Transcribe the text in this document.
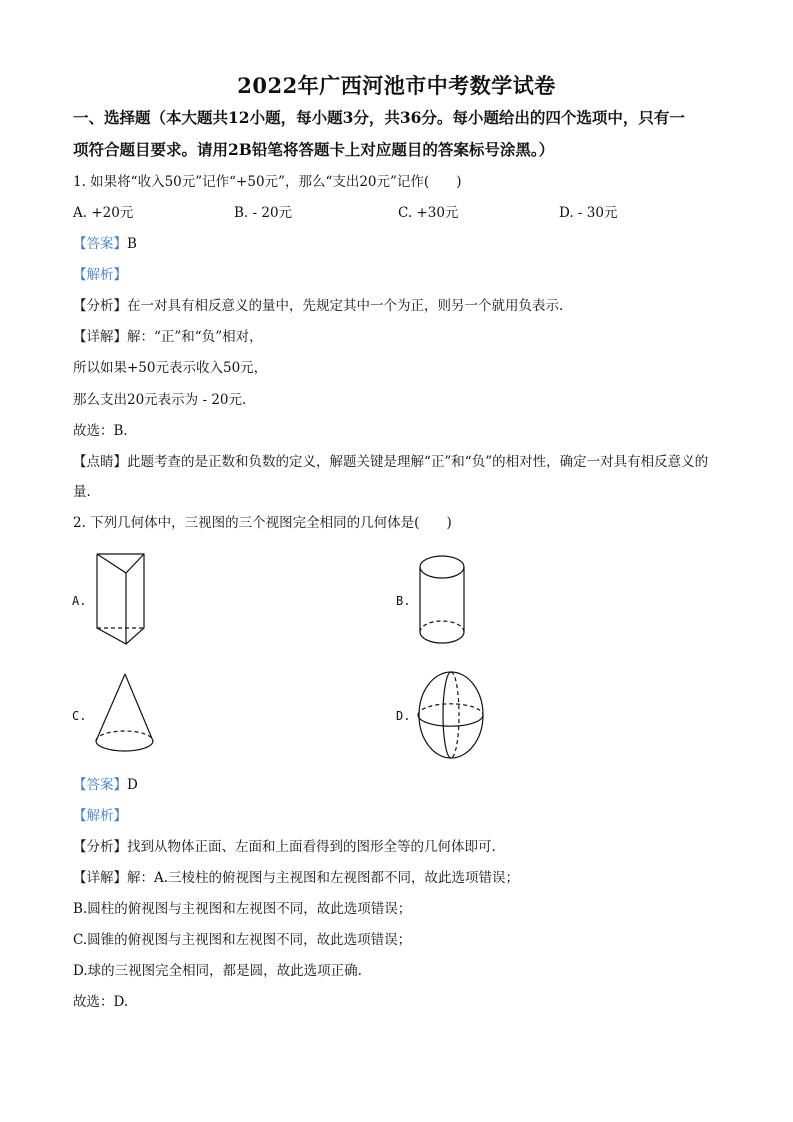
2022年广西河池市中考数学试卷
一、选择题（本大题共12小题，每小题3分，共36分。每小题给出的四个选项中，只有一
项符合题目要求。请用2B铅笔将答题卡上对应题目的答案标号涂黑。）
1. 如果将“收入50元”记作“+50元”，那么“支出20元”记作(　　)
A. +20元	B. - 20元	C. +30元	D. - 30元
【答案】B
【解析】
【分析】在一对具有相反意义的量中，先规定其中一个为正，则另一个就用负表示.
【详解】解：“正”和“负”相对，
所以如果+50元表示收入50元，
那么支出20元表示为 - 20元.
故选：B.
【点睛】此题考查的是正数和负数的定义，解题关键是理解“正”和“负”的相对性，确定一对具有相反意义的
量.
2. 下列几何体中，三视图的三个视图完全相同的几何体是(　　)
A.	B.
C.	D.
【答案】D
【解析】
【分析】找到从物体正面、左面和上面看得到的图形全等的几何体即可.
【详解】解：A.三棱柱的俯视图与主视图和左视图都不同，故此选项错误；
B.圆柱的俯视图与主视图和左视图不同，故此选项错误；
C.圆锥的俯视图与主视图和左视图不同，故此选项错误；
D.球的三视图完全相同，都是圆，故此选项正确.
故选：D.
